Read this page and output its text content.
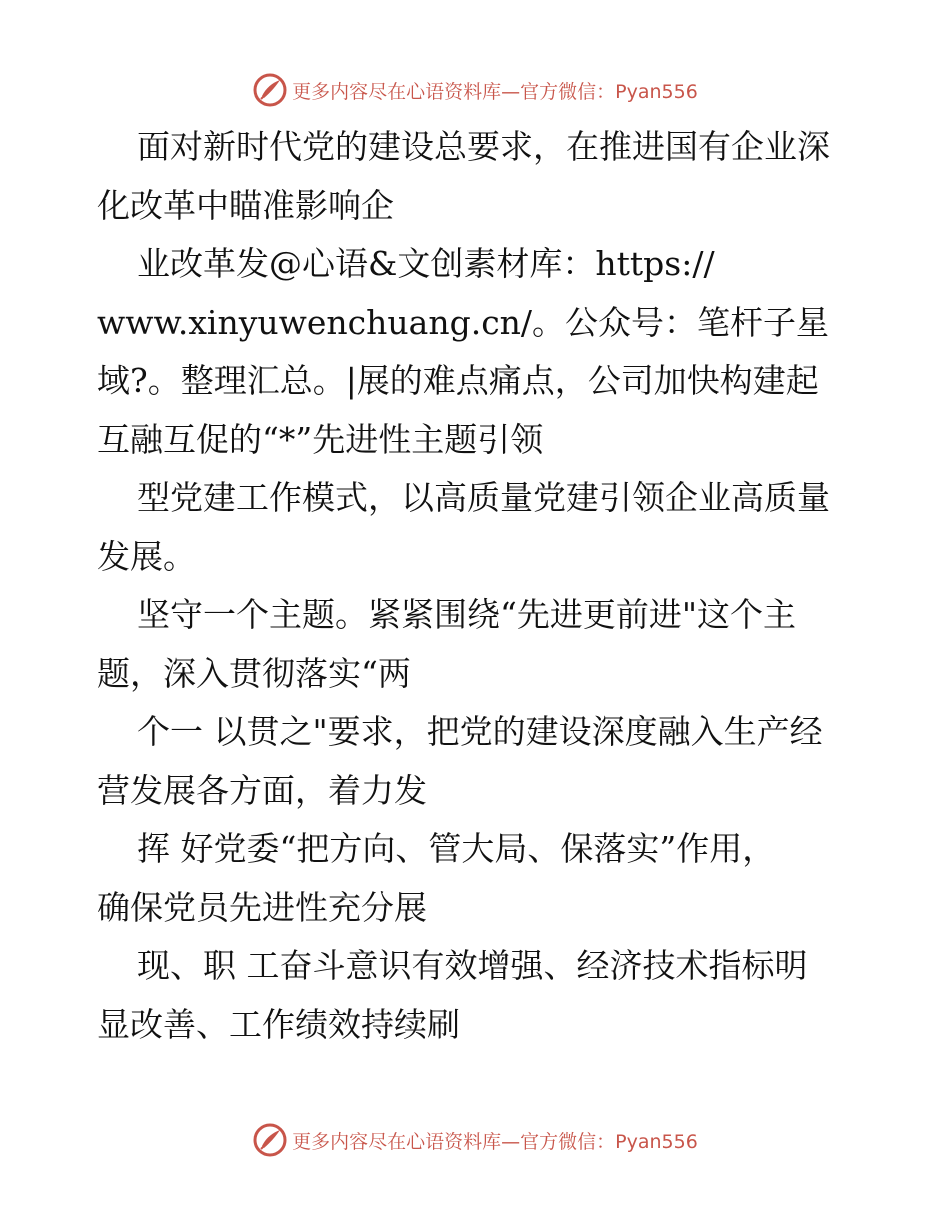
更多内容尽在心语资料库—官方微信：Pyan556

面对新时代党的建设总要求，在推进国有企业深
化改革中瞄准影响企

业改革发@心语&文创素材库：https://
www.xinyuwenchuang.cn/。公众号：笔杆子星
域?。整理汇总。|展的难点痛点，公司加快构建起
互融互促的“*”先进性主题引领

型党建工作模式，以高质量党建引领企业高质量
发展。

坚守一个主题。紧紧围绕“先进更前进"这个主
题，深入贯彻落实“两

个一 以贯之"要求，把党的建设深度融入生产经
营发展各方面，着力发

挥 好党委“把方向、管大局、保落实”作用，
确保党员先进性充分展

现、职 工奋斗意识有效增强、经济技术指标明
显改善、工作绩效持续刷

更多内容尽在心语资料库—官方微信：Pyan556
